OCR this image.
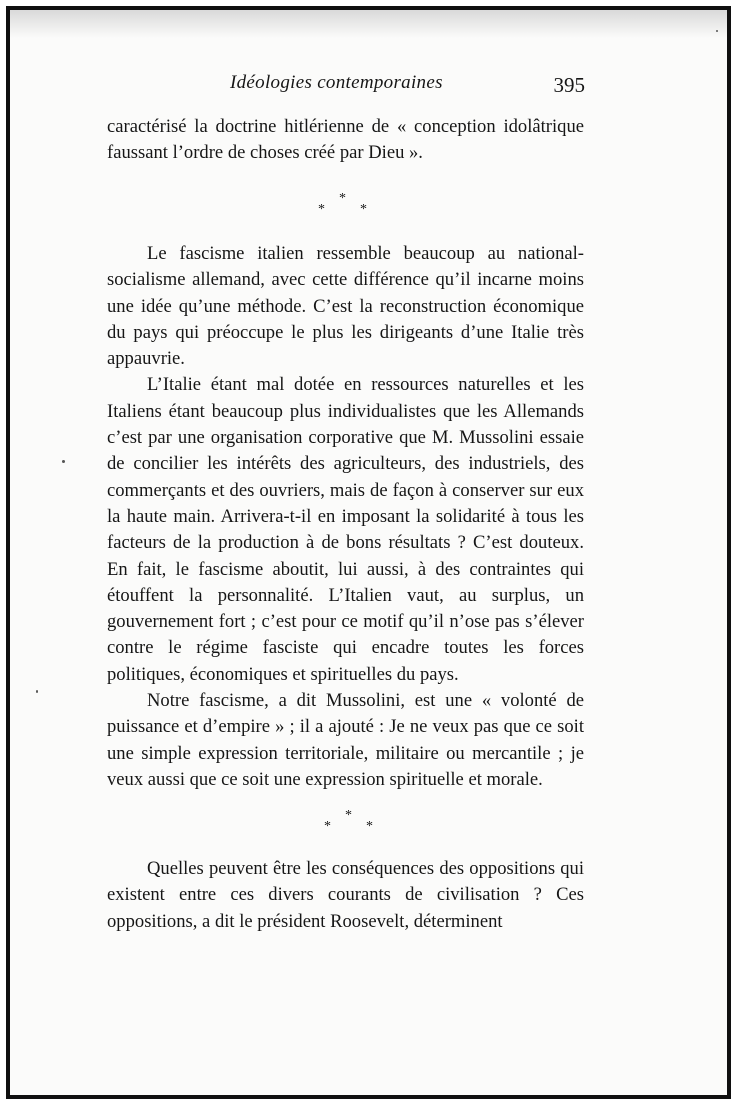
Idéologies contemporaines	395

caractérisé la doctrine hitlérienne de « conception idolâtrique faussant l’ordre de choses créé par Dieu ».

*
*	*

Le fascisme italien ressemble beaucoup au national-socialisme allemand, avec cette différence qu’il incarne moins une idée qu’une méthode. C’est la reconstruction économique du pays qui préoccupe le plus les dirigeants d’une Italie très appauvrie.

L’Italie étant mal dotée en ressources naturelles et les Italiens étant beaucoup plus individualistes que les Allemands c’est par une organisation corporative que M. Mussolini essaie de concilier les intérêts des agriculteurs, des industriels, des commerçants et des ouvriers, mais de façon à conserver sur eux la haute main. Arrivera-t-il en imposant la solidarité à tous les facteurs de la production à de bons résultats ? C’est douteux. En fait, le fascisme aboutit, lui aussi, à des contraintes qui étouffent la personnalité. L’Italien vaut, au surplus, un gouvernement fort ; c’est pour ce motif qu’il n’ose pas s’élever contre le régime fasciste qui encadre toutes les forces politiques, économiques et spirituelles du pays.

Notre fascisme, a dit Mussolini, est une « volonté de puissance et d’empire » ; il a ajouté : Je ne veux pas que ce soit une simple expression territoriale, militaire ou mercantile ; je veux aussi que ce soit une expression spirituelle et morale.

*
*	*

Quelles peuvent être les conséquences des oppositions qui existent entre ces divers courants de civilisation ? Ces oppositions, a dit le président Roosevelt, déterminent
